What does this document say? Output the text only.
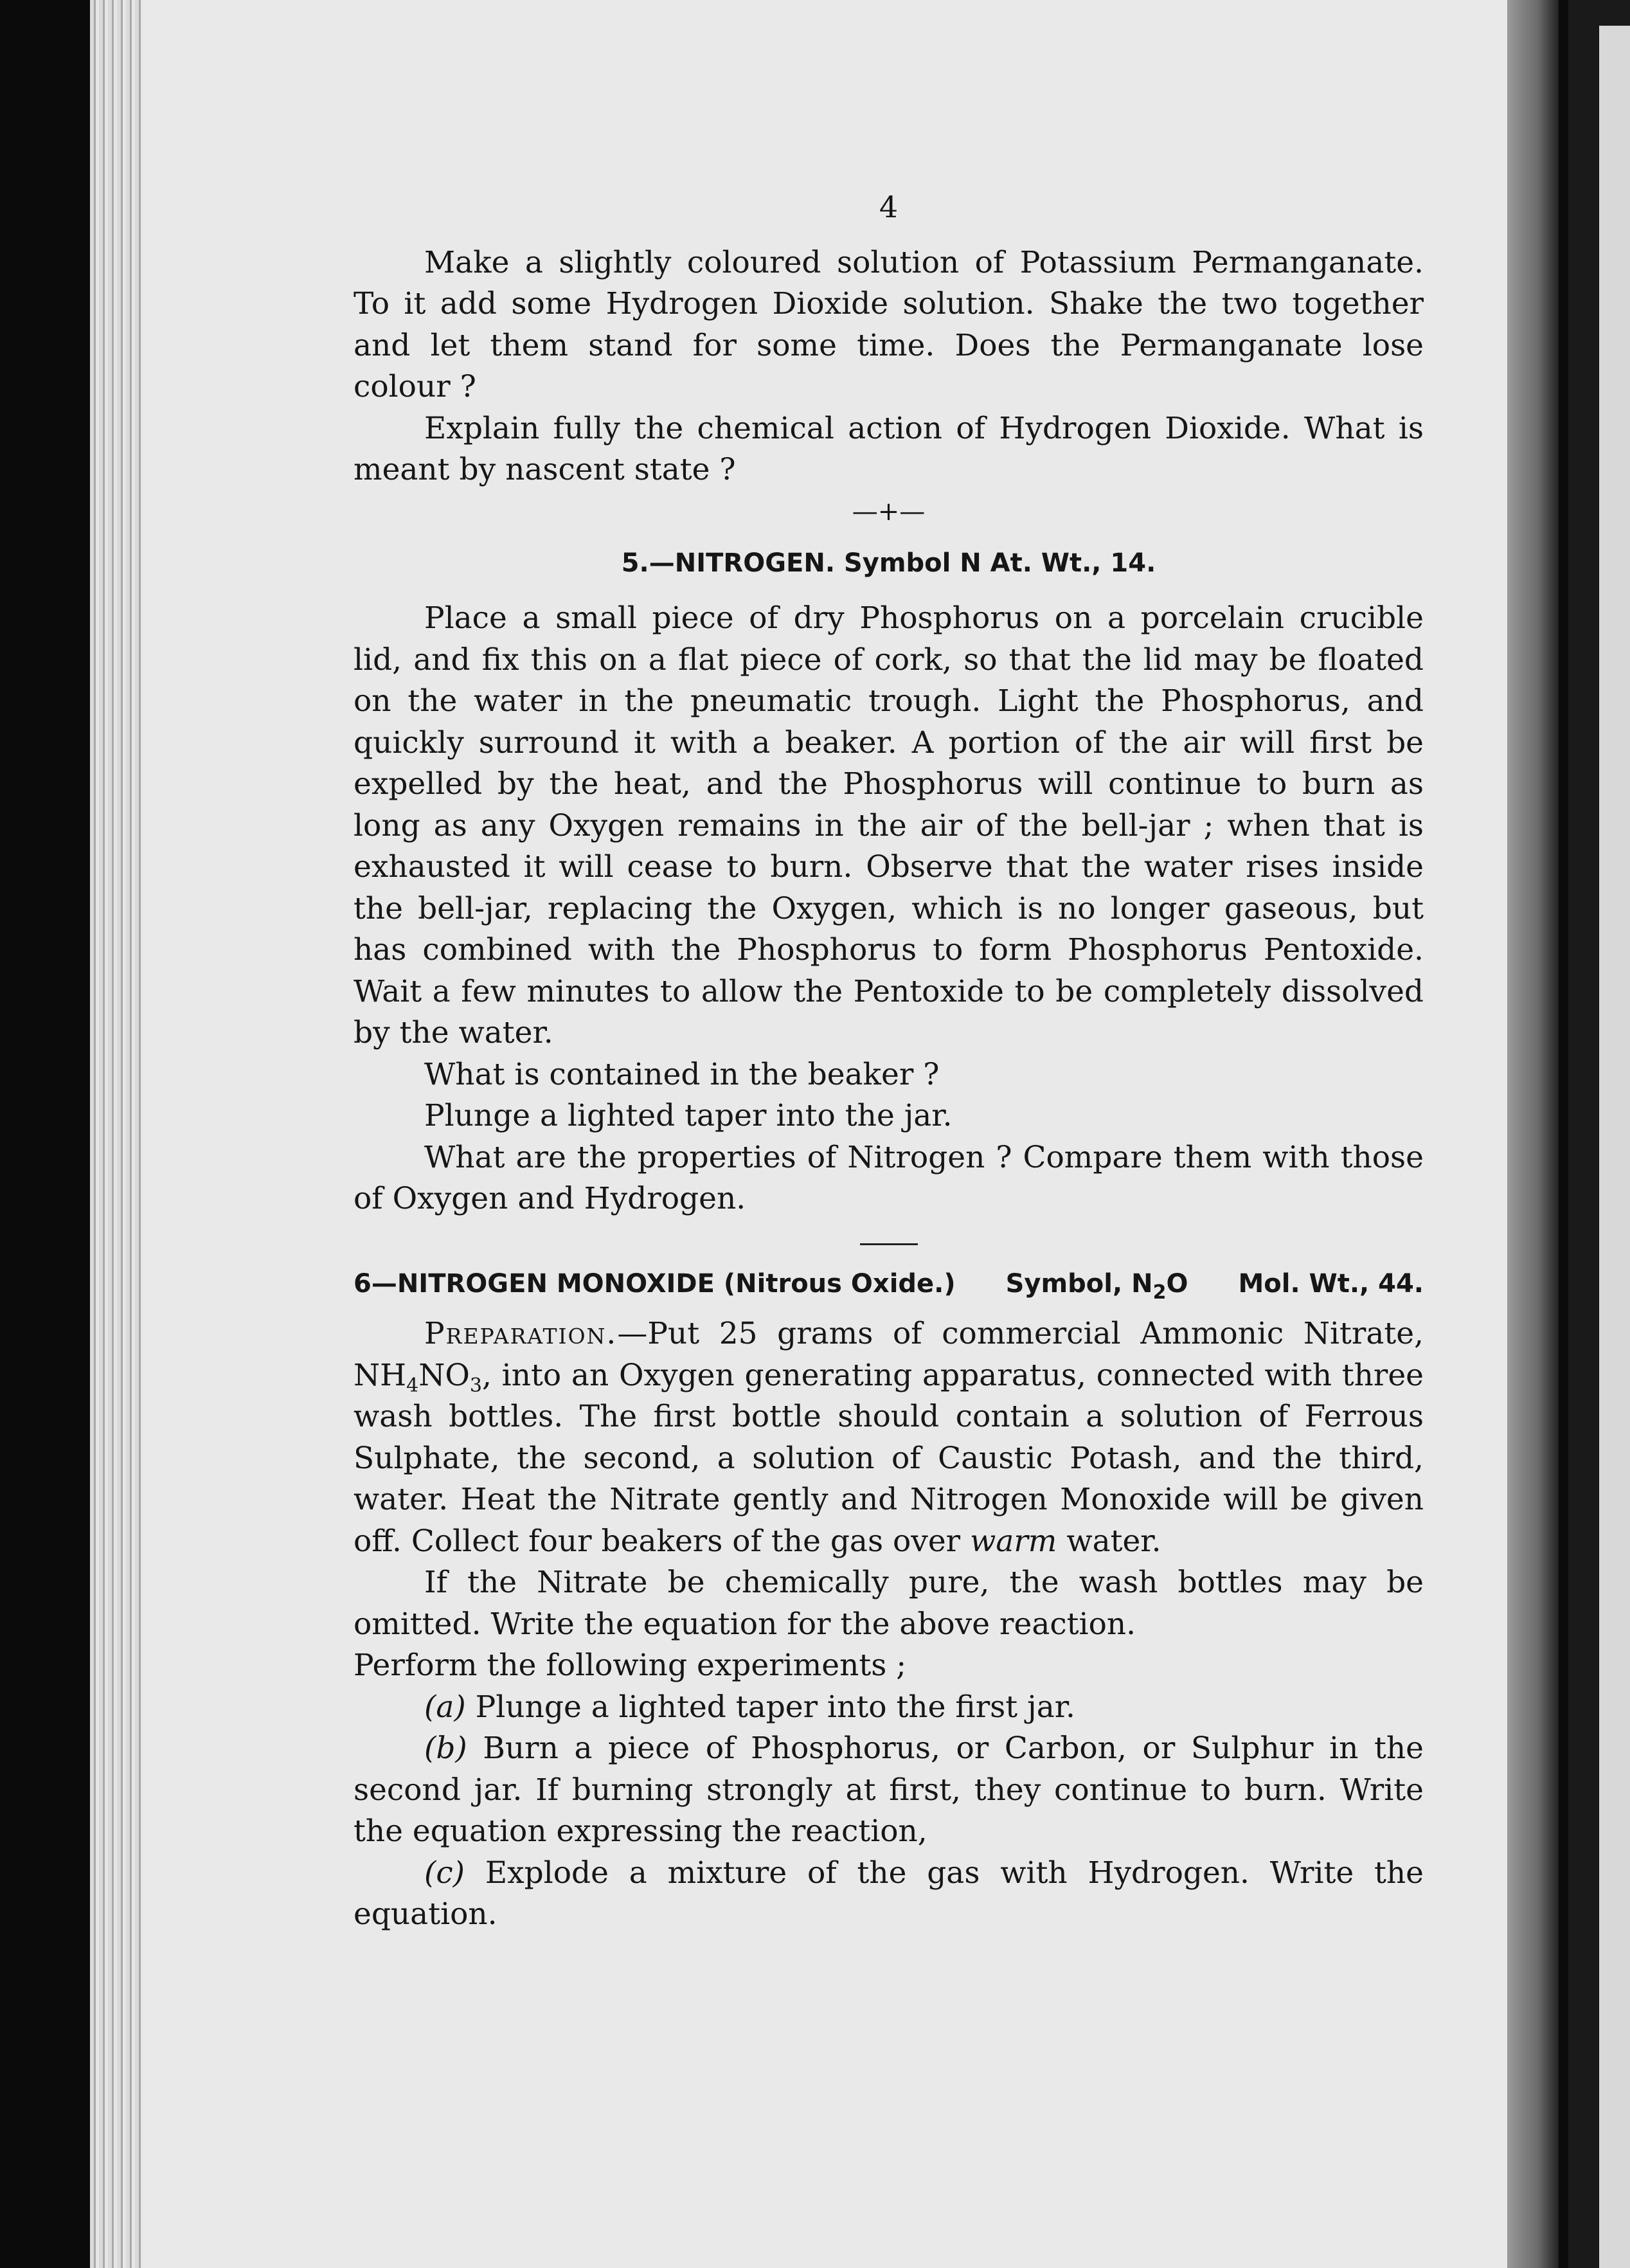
4

Make a slightly coloured solution of Potassium Permanganate. To it add some Hydrogen Dioxide solution. Shake the two together and let them stand for some time. Does the Permanganate lose colour ?

Explain fully the chemical action of Hydrogen Dioxide. What is meant by nascent state ?

—+—
5.—NITROGEN. Symbol N At. Wt., 14.

Place a small piece of dry Phosphorus on a porcelain crucible lid, and fix this on a flat piece of cork, so that the lid may be floated on the water in the pneumatic trough. Light the Phosphorus, and quickly surround it with a beaker. A portion of the air will first be expelled by the heat, and the Phosphorus will continue to burn as long as any Oxygen remains in the air of the bell-jar ; when that is exhausted it will cease to burn. Observe that the water rises inside the bell-jar, replacing the Oxygen, which is no longer gaseous, but has combined with the Phosphorus to form Phosphorus Pentoxide. Wait a few minutes to allow the Pentoxide to be completely dissolved by the water.

What is contained in the beaker ?

Plunge a lighted taper into the jar.

What are the properties of Nitrogen ? Compare them with those of Oxygen and Hydrogen.

6—NITROGEN MONOXIDE (Nitrous Oxide.) Symbol, $N_2O$ Mol. Wt., 44.

Preparation.—Put 25 grams of commercial Ammonic Nitrate, $NH_4NO_3$, into an Oxygen generating apparatus, connected with three wash bottles. The first bottle should contain a solution of Ferrous Sulphate, the second, a solution of Caustic Potash, and the third, water. Heat the Nitrate gently and Nitrogen Monoxide will be given off. Collect four beakers of the gas over warm water.

If the Nitrate be chemically pure, the wash bottles may be omitted. Write the equation for the above reaction.

Perform the following experiments ;

(a) Plunge a lighted taper into the first jar.

(b) Burn a piece of Phosphorus, or Carbon, or Sulphur in the second jar. If burning strongly at first, they continue to burn. Write the equation expressing the reaction,

(c) Explode a mixture of the gas with Hydrogen. Write the equation.
